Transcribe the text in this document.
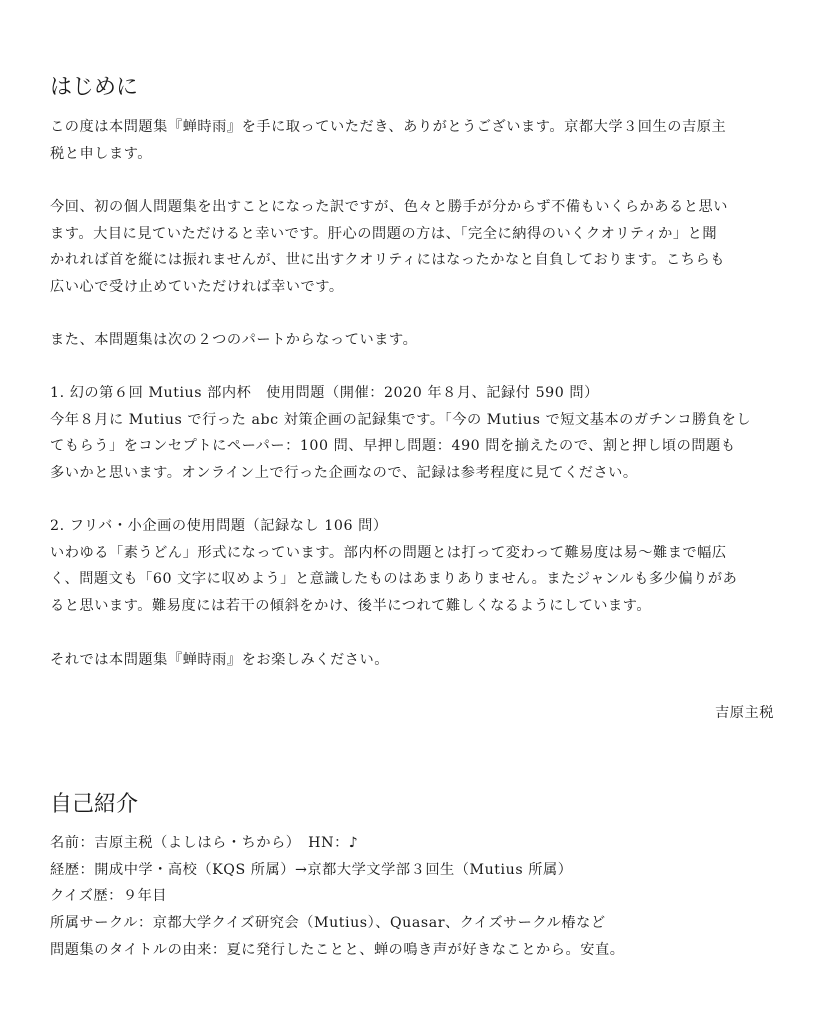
はじめに
この度は本問題集『蝉時雨』を手に取っていただき、ありがとうございます。京都大学３回生の吉原主
税と申します。
今回、初の個人問題集を出すことになった訳ですが、色々と勝手が分からず不備もいくらかあると思い
ます。大目に見ていただけると幸いです。肝心の問題の方は、「完全に納得のいくクオリティか」と聞
かれれば首を縦には振れませんが、世に出すクオリティにはなったかなと自負しております。こちらも
広い心で受け止めていただければ幸いです。
また、本問題集は次の２つのパートからなっています。
1. 幻の第６回 Mutius 部内杯　使用問題（開催：2020 年８月、記録付 590 問）
今年８月に Mutius で行った abc 対策企画の記録集です。「今の Mutius で短文基本のガチンコ勝負をし
てもらう」をコンセプトにペーパー：100 問、早押し問題：490 問を揃えたので、割と押し頃の問題も
多いかと思います。オンライン上で行った企画なので、記録は参考程度に見てください。
2. フリバ・小企画の使用問題（記録なし 106 問）
いわゆる「素うどん」形式になっています。部内杯の問題とは打って変わって難易度は易〜難まで幅広
く、問題文も「60 文字に収めよう」と意識したものはあまりありません。またジャンルも多少偏りがあ
ると思います。難易度には若干の傾斜をかけ、後半につれて難しくなるようにしています。
それでは本問題集『蝉時雨』をお楽しみください。
吉原主税
自己紹介
名前：吉原主税（よしはら・ちから）　HN：♪
経歴：開成中学・高校（KQS 所属）→京都大学文学部３回生（Mutius 所属）
クイズ歴：９年目
所属サークル：京都大学クイズ研究会（Mutius）、Quasar、クイズサークル椿など
問題集のタイトルの由来：夏に発行したことと、蝉の鳴き声が好きなことから。安直。
